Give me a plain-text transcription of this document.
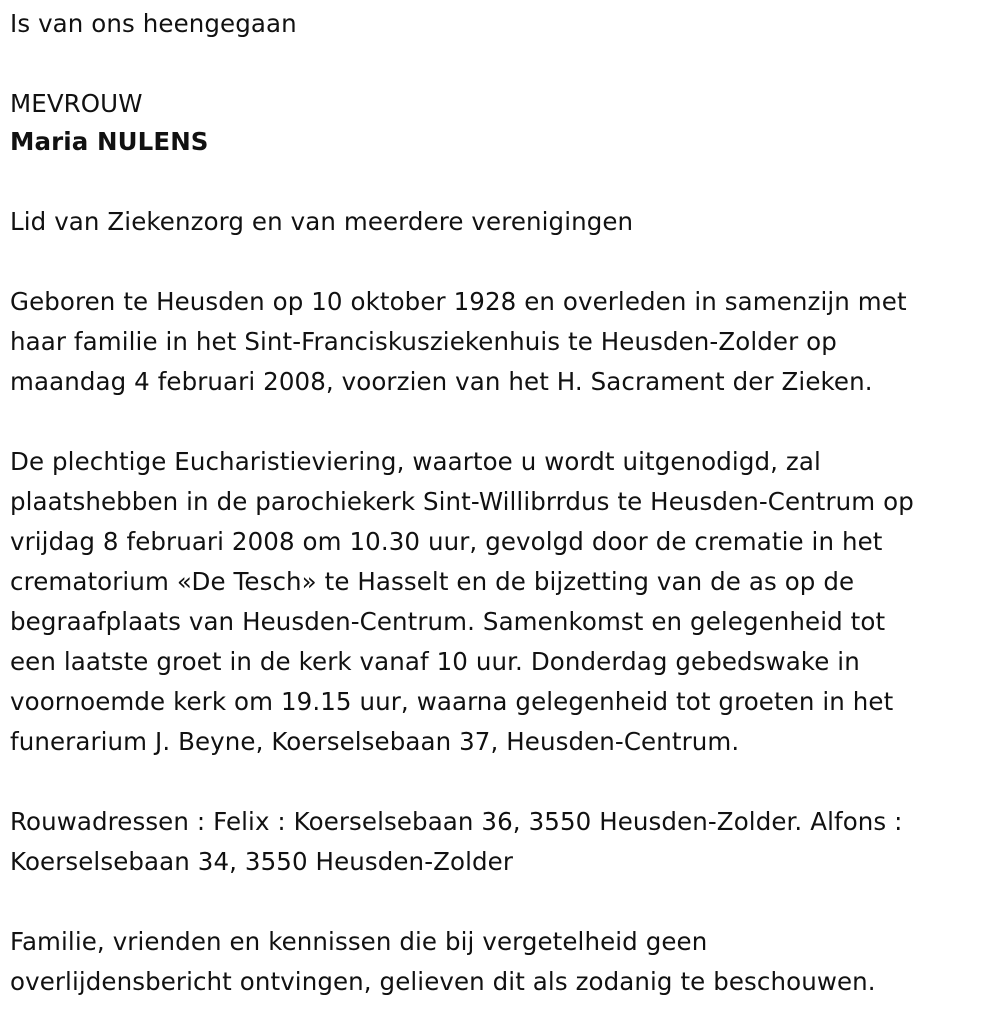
Is van ons heengegaan
MEVROUW
Maria NULENS
Lid van Ziekenzorg en van meerdere verenigingen
Geboren te Heusden op 10 oktober 1928 en overleden in samenzijn met
haar familie in het Sint-Franciskusziekenhuis te Heusden-Zolder op
maandag 4 februari 2008, voorzien van het H. Sacrament der Zieken.
De plechtige Eucharistieviering, waartoe u wordt uitgenodigd, zal
plaatshebben in de parochiekerk Sint-Willibrrdus te Heusden-Centrum op
vrijdag 8 februari 2008 om 10.30 uur, gevolgd door de crematie in het
crematorium «De Tesch» te Hasselt en de bijzetting van de as op de
begraafplaats van Heusden-Centrum. Samenkomst en gelegenheid tot
een laatste groet in de kerk vanaf 10 uur. Donderdag gebedswake in
voornoemde kerk om 19.15 uur, waarna gelegenheid tot groeten in het
funerarium J. Beyne, Koerselsebaan 37, Heusden-Centrum.
Rouwadressen : Felix : Koerselsebaan 36, 3550 Heusden-Zolder. Alfons :
Koerselsebaan 34, 3550 Heusden-Zolder
Familie, vrienden en kennissen die bij vergetelheid geen
overlijdensbericht ontvingen, gelieven dit als zodanig te beschouwen.
